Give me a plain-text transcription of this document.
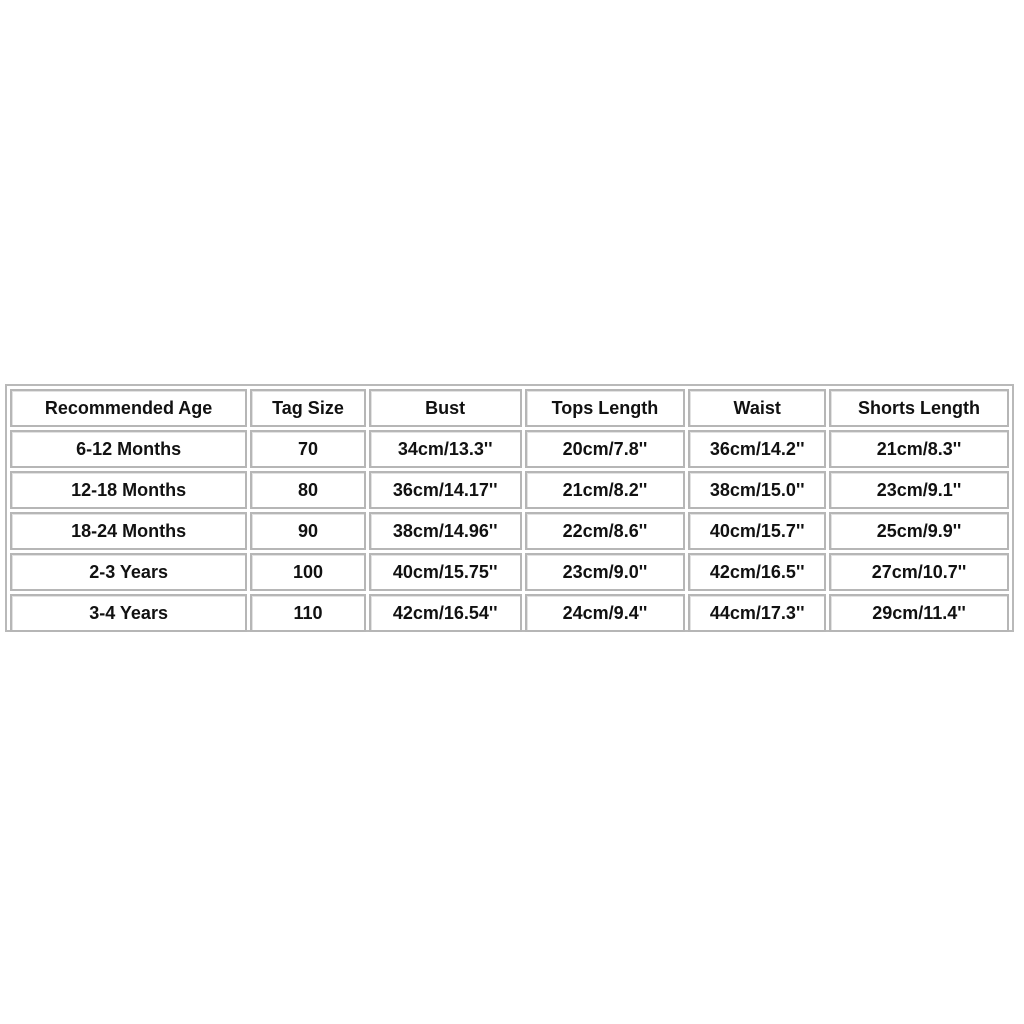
Recommended Age	Tag Size	Bust	Tops Length	Waist	Shorts Length
6-12 Months	70	34cm/13.3''	20cm/7.8''	36cm/14.2''	21cm/8.3''
12-18 Months	80	36cm/14.17''	21cm/8.2''	38cm/15.0''	23cm/9.1''
18-24 Months	90	38cm/14.96''	22cm/8.6''	40cm/15.7''	25cm/9.9''
2-3 Years	100	40cm/15.75''	23cm/9.0''	42cm/16.5''	27cm/10.7''
3-4 Years	110	42cm/16.54''	24cm/9.4''	44cm/17.3''	29cm/11.4''
